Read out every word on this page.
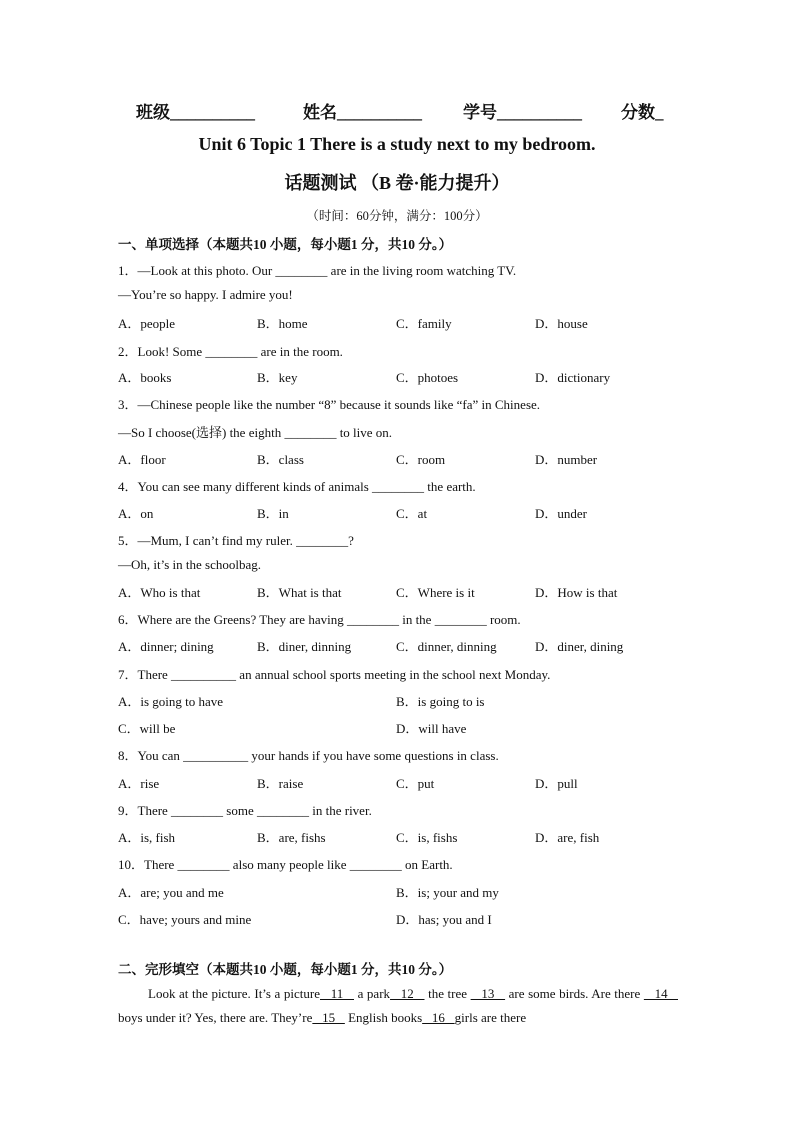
班级__________	姓名__________ 学号__________ 分数_
Unit 6 Topic 1 There is a study next to my bedroom.
话题测试 （B 卷·能力提升）
（时间：60分钟，满分：100分）
一、单项选择（本题共10 小题，每小题1 分，共10 分。）
1．—Look at this photo. Our ________ are in the living room watching TV.
—You’re so happy. I admire you!
A．people	B．home	C．family	D．house
2．Look! Some ________ are in the room.
A．books	B．key	C．photoes	D．dictionary
3．—Chinese people like the number “8” because it sounds like “fa” in Chinese.
—So I choose(选择) the eighth ________ to live on.
A．floor	B．class	C．room	D．number
4．You can see many different kinds of animals ________ the earth.
A．on	B．in	C．at	D．under
5．—Mum, I can’t find my ruler. ________?
—Oh, it’s in the schoolbag.
A．Who is that	B．What is that	C．Where is it	D．How is that
6．Where are the Greens? They are having ________ in the ________ room.
A．dinner; dining	B．diner, dinning	C．dinner, dinning	D．diner, dining
7．There __________ an annual school sports meeting in the school next Monday.
A．is going to have	B．is going to is
C．will be	D．will have
8．You can __________ your hands if you have some questions in class.
A．rise	B．raise	C．put	D．pull
9．There ________ some ________ in the river.
A．is, fish	B．are, fishs	C．is, fishs	D．are, fish
10．There ________ also many people like ________ on Earth.
A．are; you and me	B．is; your and my
C．have; yours and mine	D．has; you and I
二、完形填空（本题共10 小题，每小题1 分，共10 分。）
Look at the picture. It’s a picture   11    a park   12    the tree    13    are some birds. Are there    14    boys under it? Yes, there are. They’re   15    English books   16   girls are there
